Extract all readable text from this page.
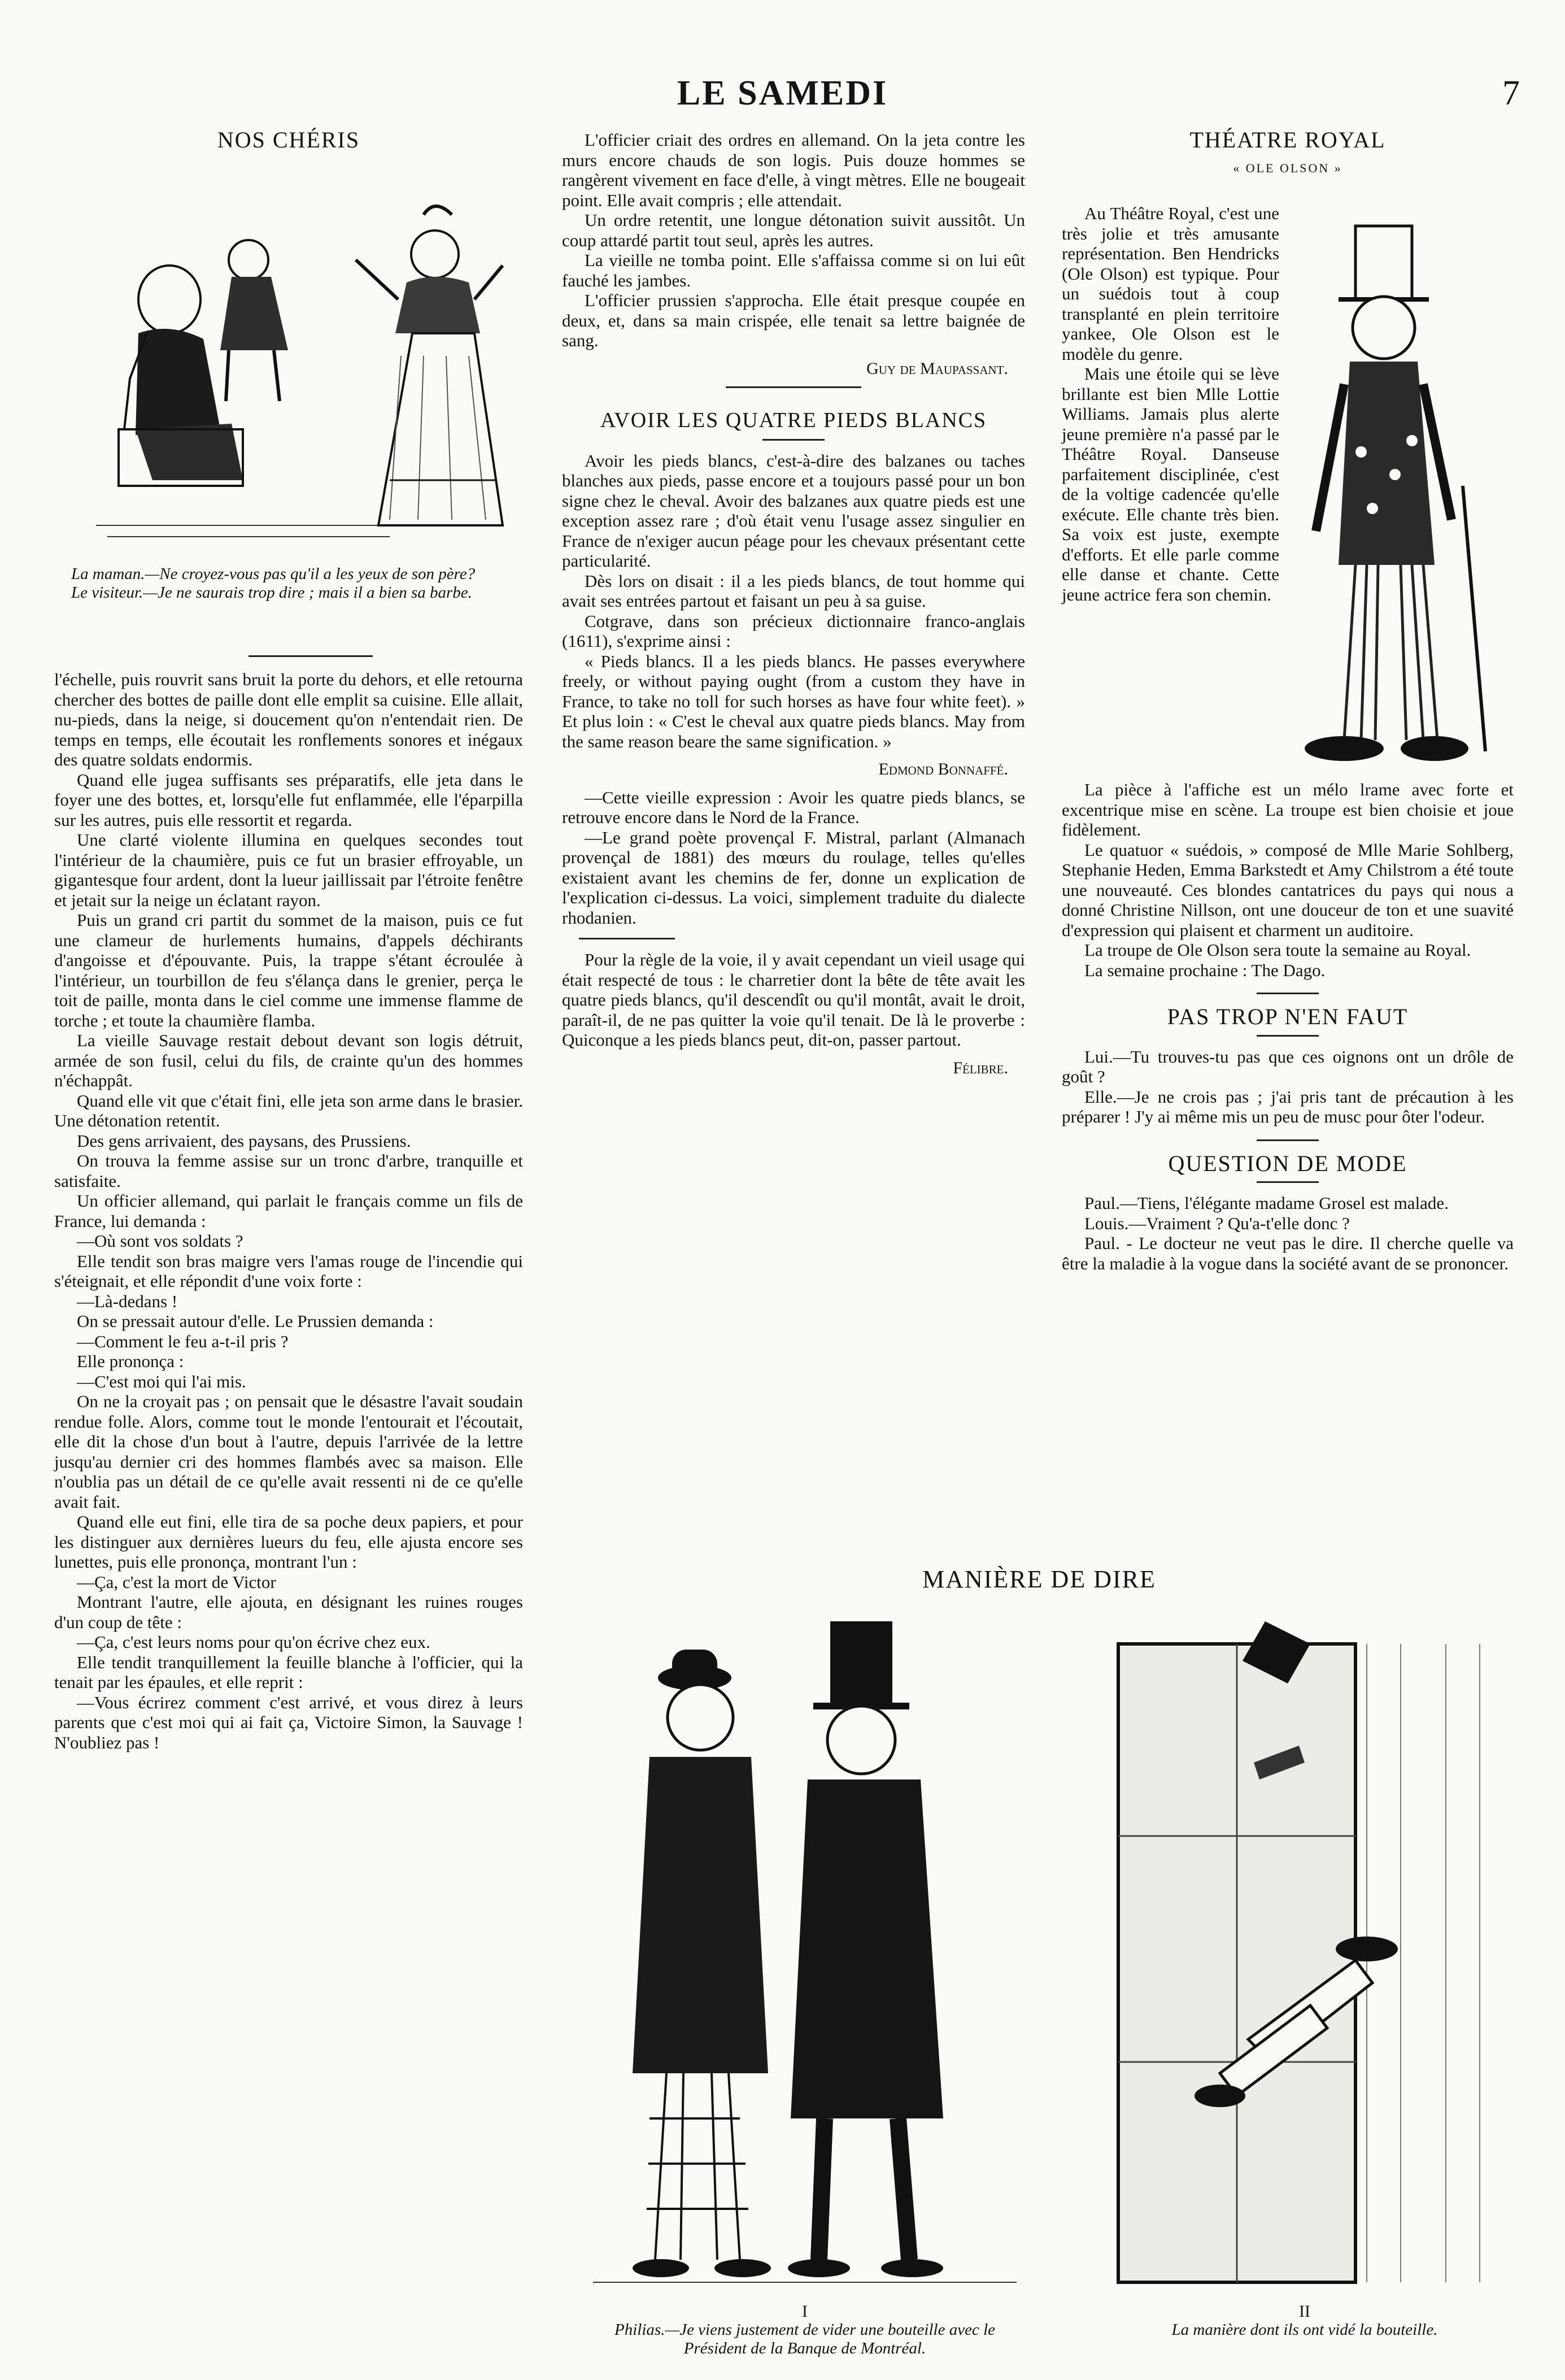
LE SAMEDI	7
NOS CHÉRIS

La maman.—Ne croyez-vous pas qu'il a les yeux de son père?

Le visiteur.—Je ne saurais trop dire ; mais il a bien sa barbe.

l'échelle, puis rouvrit sans bruit la porte du dehors, et elle retourna chercher des bottes de paille dont elle emplit sa cuisine. Elle allait, nu-pieds, dans la neige, si doucement qu'on n'entendait rien. De temps en temps, elle écoutait les ronflements sonores et inégaux des quatre soldats endormis.

Quand elle jugea suffisants ses préparatifs, elle jeta dans le foyer une des bottes, et, lorsqu'elle fut enflammée, elle l'éparpilla sur les autres, puis elle ressortit et regarda.

Une clarté violente illumina en quelques secondes tout l'intérieur de la chaumière, puis ce fut un brasier effroyable, un gigantesque four ardent, dont la lueur jaillissait par l'étroite fenêtre et jetait sur la neige un éclatant rayon.

Puis un grand cri partit du sommet de la maison, puis ce fut une clameur de hurlements humains, d'appels déchirants d'angoisse et d'épouvante. Puis, la trappe s'étant écroulée à l'intérieur, un tourbillon de feu s'élança dans le grenier, perça le toit de paille, monta dans le ciel comme une immense flamme de torche ; et toute la chaumière flamba.

La vieille Sauvage restait debout devant son logis détruit, armée de son fusil, celui du fils, de crainte qu'un des hommes n'échappât.

Quand elle vit que c'était fini, elle jeta son arme dans le brasier. Une détonation retentit.

Des gens arrivaient, des paysans, des Prussiens.

On trouva la femme assise sur un tronc d'arbre, tranquille et satisfaite.

Un officier allemand, qui parlait le français comme un fils de France, lui demanda :

—Où sont vos soldats ?

Elle tendit son bras maigre vers l'amas rouge de l'incendie qui s'éteignait, et elle répondit d'une voix forte :

—Là-dedans !

On se pressait autour d'elle. Le Prussien demanda :

—Comment le feu a-t-il pris ?

Elle prononça :

—C'est moi qui l'ai mis.

On ne la croyait pas ; on pensait que le désastre l'avait soudain rendue folle. Alors, comme tout le monde l'entourait et l'écoutait, elle dit la chose d'un bout à l'autre, depuis l'arrivée de la lettre jusqu'au dernier cri des hommes flambés avec sa maison. Elle n'oublia pas un détail de ce qu'elle avait ressenti ni de ce qu'elle avait fait.

Quand elle eut fini, elle tira de sa poche deux papiers, et pour les distinguer aux dernières lueurs du feu, elle ajusta encore ses lunettes, puis elle prononça, montrant l'un :

—Ça, c'est la mort de Victor

Montrant l'autre, elle ajouta, en désignant les ruines rouges d'un coup de tête :

—Ça, c'est leurs noms pour qu'on écrive chez eux.

Elle tendit tranquillement la feuille blanche à l'officier, qui la tenait par les épaules, et elle reprit :

—Vous écrirez comment c'est arrivé, et vous direz à leurs parents que c'est moi qui ai fait ça, Victoire Simon, la Sauvage ! N'oubliez pas !

L'officier criait des ordres en allemand. On la jeta contre les murs encore chauds de son logis. Puis douze hommes se rangèrent vivement en face d'elle, à vingt mètres. Elle ne bougeait point. Elle avait compris ; elle attendait.

Un ordre retentit, une longue détonation suivit aussitôt. Un coup attardé partit tout seul, après les autres.

La vieille ne tomba point. Elle s'affaissa comme si on lui eût fauché les jambes.

L'officier prussien s'approcha. Elle était presque coupée en deux, et, dans sa main crispée, elle tenait sa lettre baignée de sang.

Guy de Maupassant.
AVOIR LES QUATRE PIEDS BLANCS

Avoir les pieds blancs, c'est-à-dire des balzanes ou taches blanches aux pieds, passe encore et a toujours passé pour un bon signe chez le cheval. Avoir des balzanes aux quatre pieds est une exception assez rare ; d'où était venu l'usage assez singulier en France de n'exiger aucun péage pour les chevaux présentant cette particularité.

Dès lors on disait : il a les pieds blancs, de tout homme qui avait ses entrées partout et faisant un peu à sa guise.

Cotgrave, dans son précieux dictionnaire franco-anglais (1611), s'exprime ainsi :

« Pieds blancs. Il a les pieds blancs. He passes everywhere freely, or without paying ought (from a custom they have in France, to take no toll for such horses as have four white feet). » Et plus loin : « C'est le cheval aux quatre pieds blancs. May from the same reason beare the same signification. »

Edmond Bonnaffé.

—Cette vieille expression : Avoir les quatre pieds blancs, se retrouve encore dans le Nord de la France.

—Le grand poète provençal F. Mistral, parlant (Almanach provençal de 1881) des mœurs du roulage, telles qu'elles existaient avant les chemins de fer, donne un explication de l'explication ci-dessus. La voici, simplement traduite du dialecte rhodanien.

Pour la règle de la voie, il y avait cependant un vieil usage qui était respecté de tous : le charretier dont la bête de tête avait les quatre pieds blancs, qu'il descendît ou qu'il montât, avait le droit, paraît-il, de ne pas quitter la voie qu'il tenait. De là le proverbe : Quiconque a les pieds blancs peut, dit-on, passer partout.

Félibre.
THÉATRE ROYAL
« OLE OLSON »

Au Théâtre Royal, c'est une très jolie et très amusante représentation. Ben Hendricks (Ole Olson) est typique. Pour un suédois tout à coup transplanté en plein territoire yankee, Ole Olson est le modèle du genre.

Mais une étoile qui se lève brillante est bien Mlle Lottie Williams. Jamais plus alerte jeune première n'a passé par le Théâtre Royal. Danseuse parfaitement disciplinée, c'est de la voltige cadencée qu'elle exécute. Elle chante très bien. Sa voix est juste, exempte d'efforts. Et elle parle comme elle danse et chante. Cette jeune actrice fera son chemin.

La pièce à l'affiche est un mélo lrame avec forte et excentrique mise en scène. La troupe est bien choisie et joue fidèlement.

Le quatuor « suédois, » composé de Mlle Marie Sohlberg, Stephanie Heden, Emma Barkstedt et Amy Chilstrom a été toute une nouveauté. Ces blondes cantatrices du pays qui nous a donné Christine Nillson, ont une douceur de ton et une suavité d'expression qui plaisent et charment un auditoire.

La troupe de Ole Olson sera toute la semaine au Royal.

La semaine prochaine : The Dago.

PAS TROP N'EN FAUT

Lui.—Tu trouves-tu pas que ces oignons ont un drôle de goût ?

Elle.—Je ne crois pas ; j'ai pris tant de précaution à les préparer ! J'y ai même mis un peu de musc pour ôter l'odeur.

QUESTION DE MODE

Paul.—Tiens, l'élégante madame Grosel est malade.

Louis.—Vraiment ? Qu'a-t'elle donc ?

Paul. - Le docteur ne veut pas le dire. Il cherche quelle va être la maladie à la vogue dans la société avant de se prononcer.

MANIÈRE DE DIRE
I
Philias.—Je viens justement de vider une bouteille avec le Président de la Banque de Montréal.
II
La manière dont ils ont vidé la bouteille.
